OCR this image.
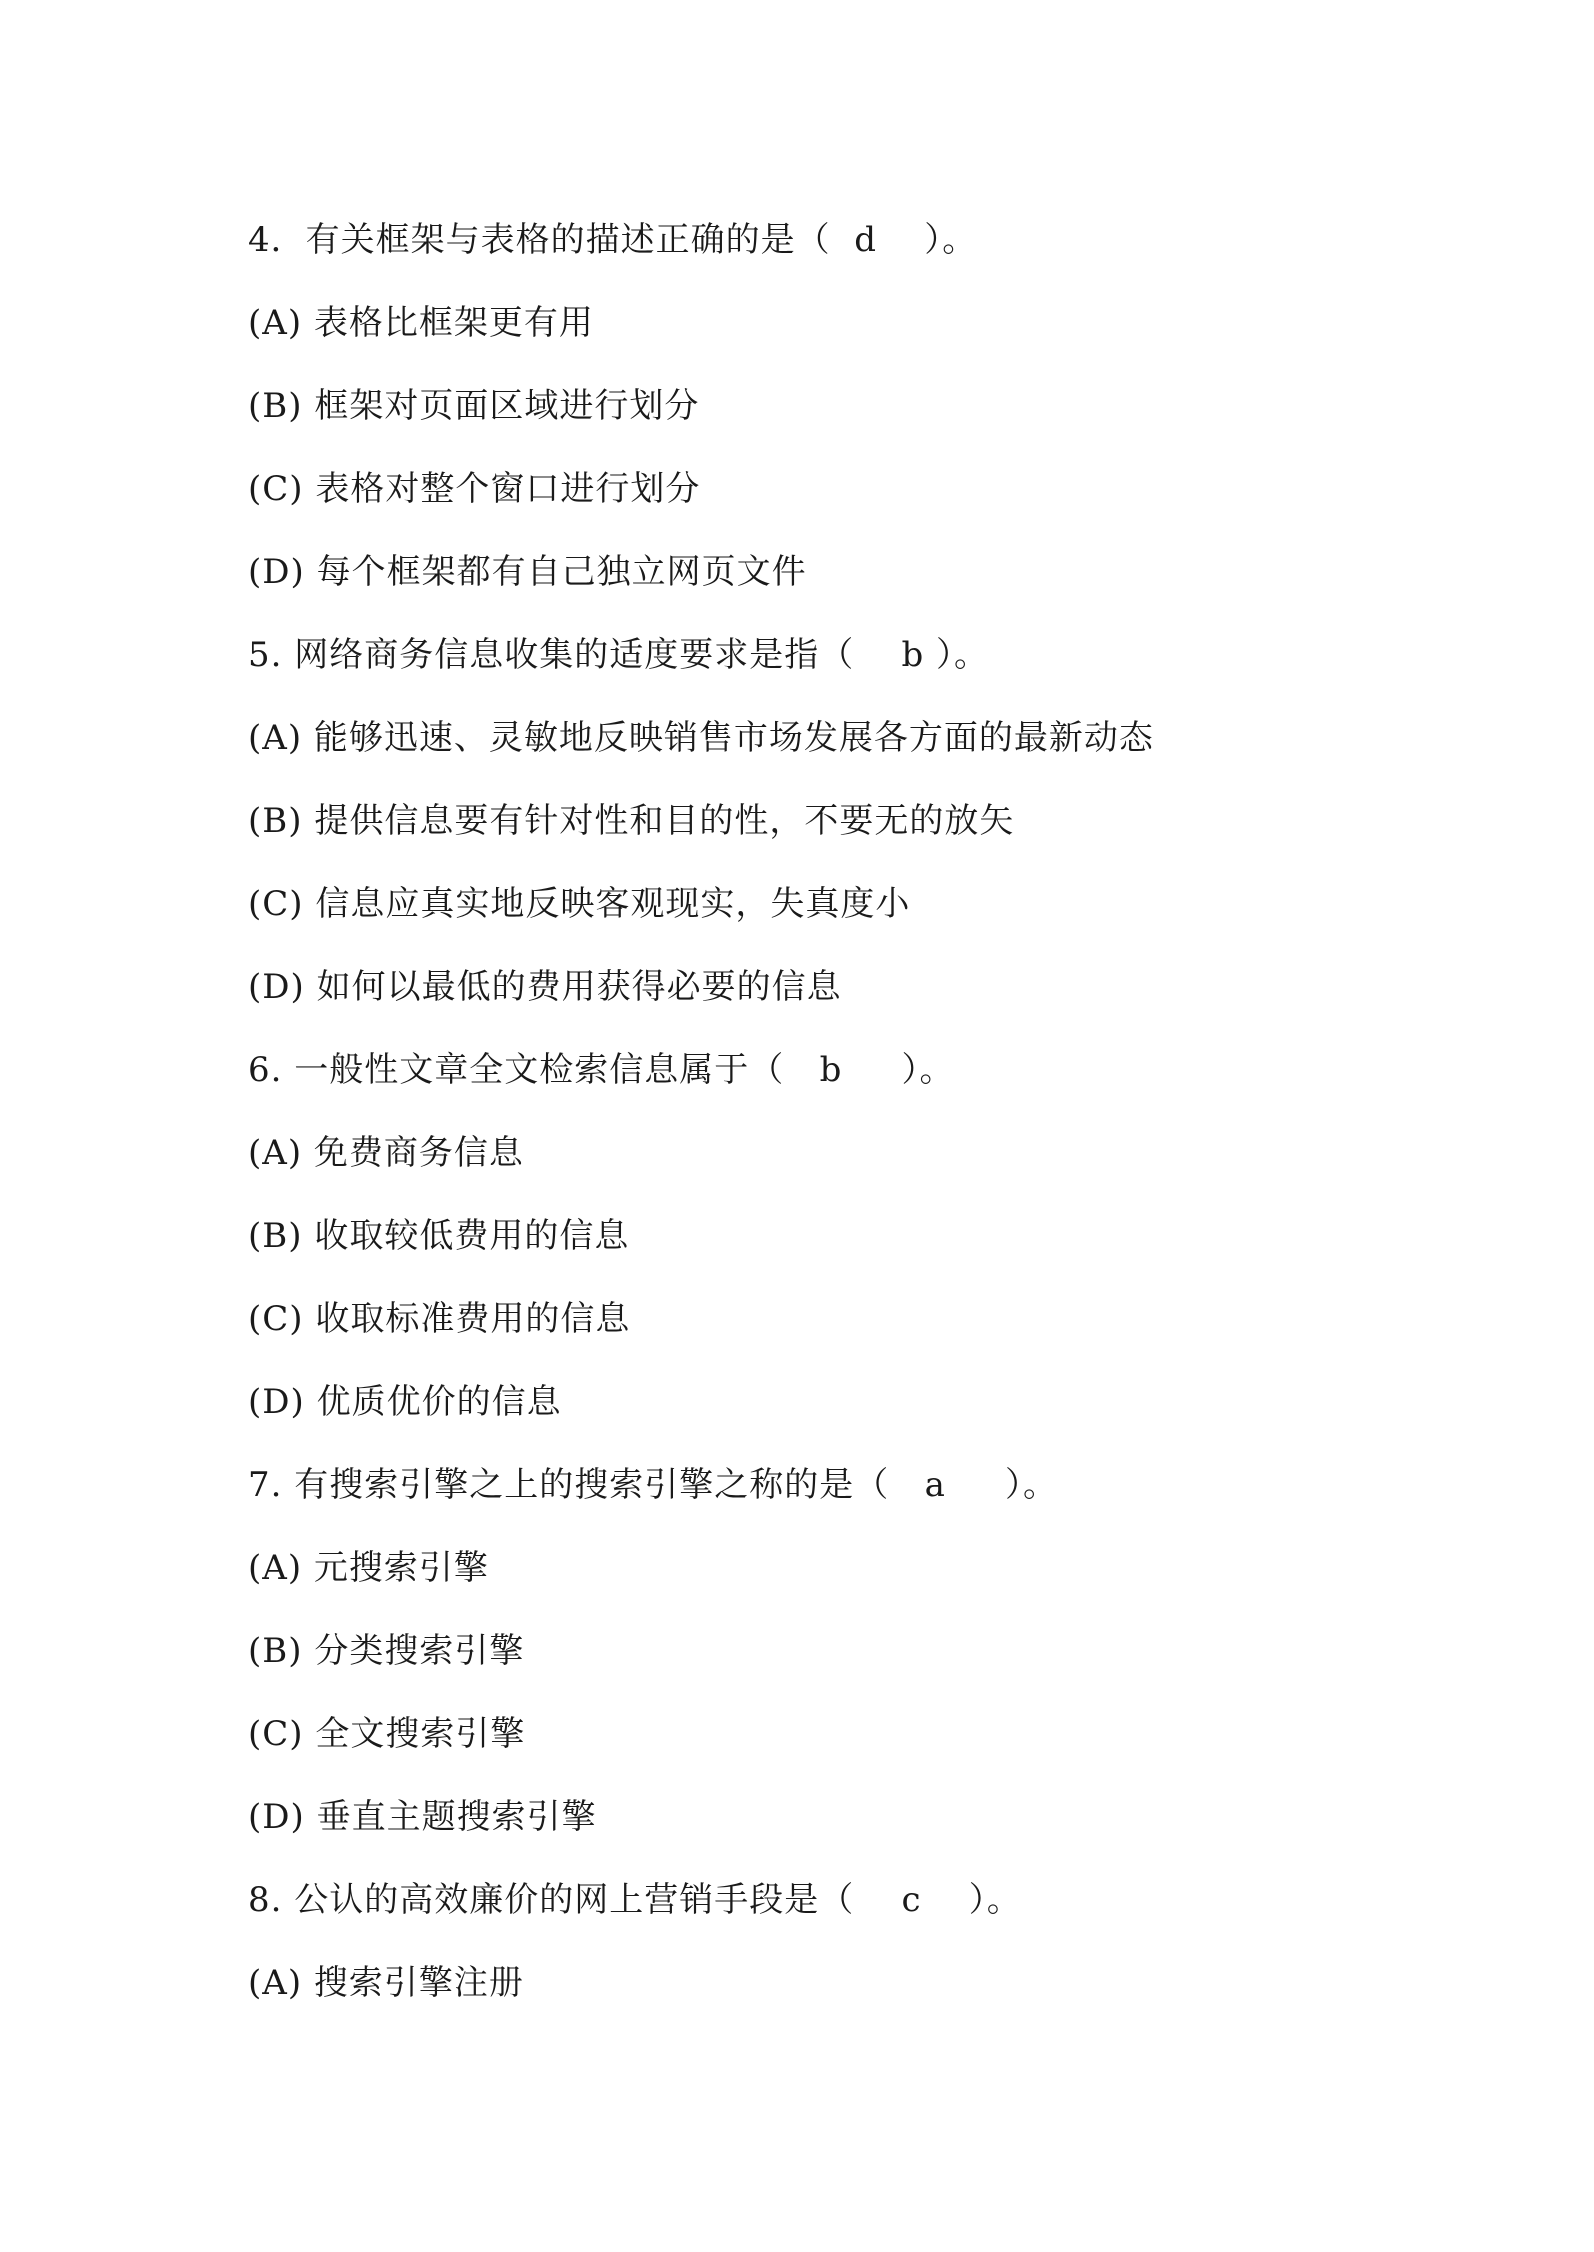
4．有关框架与表格的描述正确的是（  d    ）。
(A) 表格比框架更有用
(B) 框架对页面区域进行划分
(C) 表格对整个窗口进行划分
(D) 每个框架都有自己独立网页文件
5. 网络商务信息收集的适度要求是指（    b ）。
(A) 能够迅速、灵敏地反映销售市场发展各方面的最新动态
(B) 提供信息要有针对性和目的性，不要无的放矢
(C) 信息应真实地反映客观现实，失真度小
(D) 如何以最低的费用获得必要的信息
6. 一般性文章全文检索信息属于（   b     ）。
(A) 免费商务信息
(B) 收取较低费用的信息
(C) 收取标准费用的信息
(D) 优质优价的信息
7. 有搜索引擎之上的搜索引擎之称的是（   a     ）。
(A) 元搜索引擎
(B) 分类搜索引擎
(C) 全文搜索引擎
(D) 垂直主题搜索引擎
8. 公认的高效廉价的网上营销手段是（    c    ）。
(A) 搜索引擎注册
